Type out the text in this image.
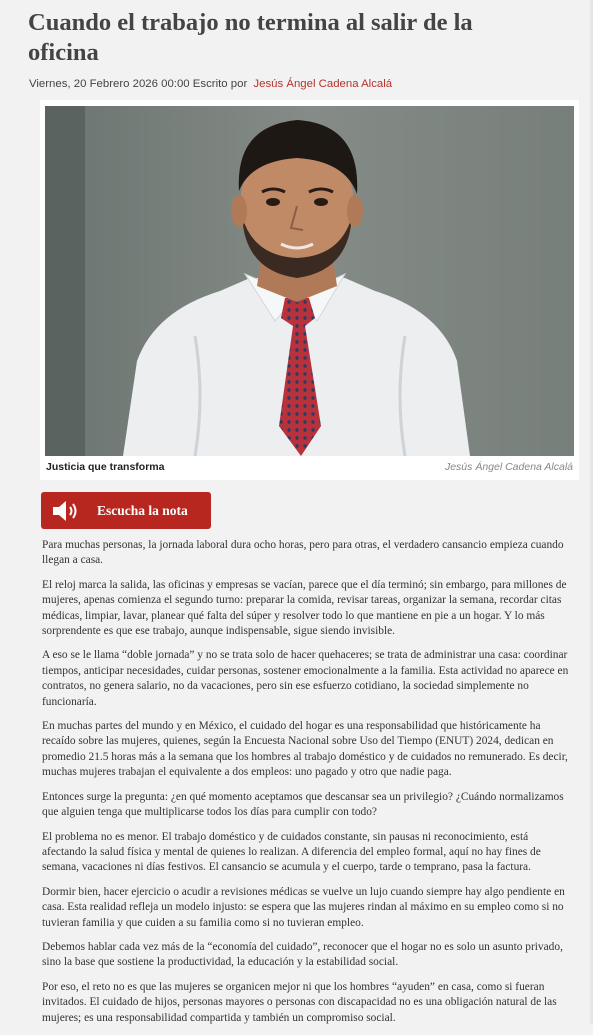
Cuando el trabajo no termina al salir de la oficina
Viernes, 20 Febrero 2026 00:00 Escrito por Jesús Ángel Cadena Alcalá
Justicia que transforma	Jesús Ángel Cadena Alcalá
Escucha la nota

Para muchas personas, la jornada laboral dura ocho horas, pero para otras, el verdadero cansancio empieza cuando llegan a casa.

El reloj marca la salida, las oficinas y empresas se vacían, parece que el día terminó; sin embargo, para millones de mujeres, apenas comienza el segundo turno: preparar la comida, revisar tareas, organizar la semana, recordar citas médicas, limpiar, lavar, planear qué falta del súper y resolver todo lo que mantiene en pie a un hogar. Y lo más sorprendente es que ese trabajo, aunque indispensable, sigue siendo invisible.

A eso se le llama “doble jornada” y no se trata solo de hacer quehaceres; se trata de administrar una casa: coordinar tiempos, anticipar necesidades, cuidar personas, sostener emocionalmente a la familia. Esta actividad no aparece en contratos, no genera salario, no da vacaciones, pero sin ese esfuerzo cotidiano, la sociedad simplemente no funcionaría.

En muchas partes del mundo y en México, el cuidado del hogar es una responsabilidad que históricamente ha recaído sobre las mujeres, quienes, según la Encuesta Nacional sobre Uso del Tiempo (ENUT) 2024, dedican en promedio 21.5 horas más a la semana que los hombres al trabajo doméstico y de cuidados no remunerado. Es decir, muchas mujeres trabajan el equivalente a dos empleos: uno pagado y otro que nadie paga.

Entonces surge la pregunta: ¿en qué momento aceptamos que descansar sea un privilegio? ¿Cuándo normalizamos que alguien tenga que multiplicarse todos los días para cumplir con todo?

El problema no es menor. El trabajo doméstico y de cuidados constante, sin pausas ni reconocimiento, está afectando la salud física y mental de quienes lo realizan. A diferencia del empleo formal, aquí no hay fines de semana, vacaciones ni días festivos. El cansancio se acumula y el cuerpo, tarde o temprano, pasa la factura.

Dormir bien, hacer ejercicio o acudir a revisiones médicas se vuelve un lujo cuando siempre hay algo pendiente en casa. Esta realidad refleja un modelo injusto: se espera que las mujeres rindan al máximo en su empleo como si no tuvieran familia y que cuiden a su familia como si no tuvieran empleo.

Debemos hablar cada vez más de la “economía del cuidado”, reconocer que el hogar no es solo un asunto privado, sino la base que sostiene la productividad, la educación y la estabilidad social.

Por eso, el reto no es que las mujeres se organicen mejor ni que los hombres “ayuden” en casa, como si fueran invitados. El cuidado de hijos, personas mayores o personas con discapacidad no es una obligación natural de las mujeres; es una responsabilidad compartida y también un compromiso social.
